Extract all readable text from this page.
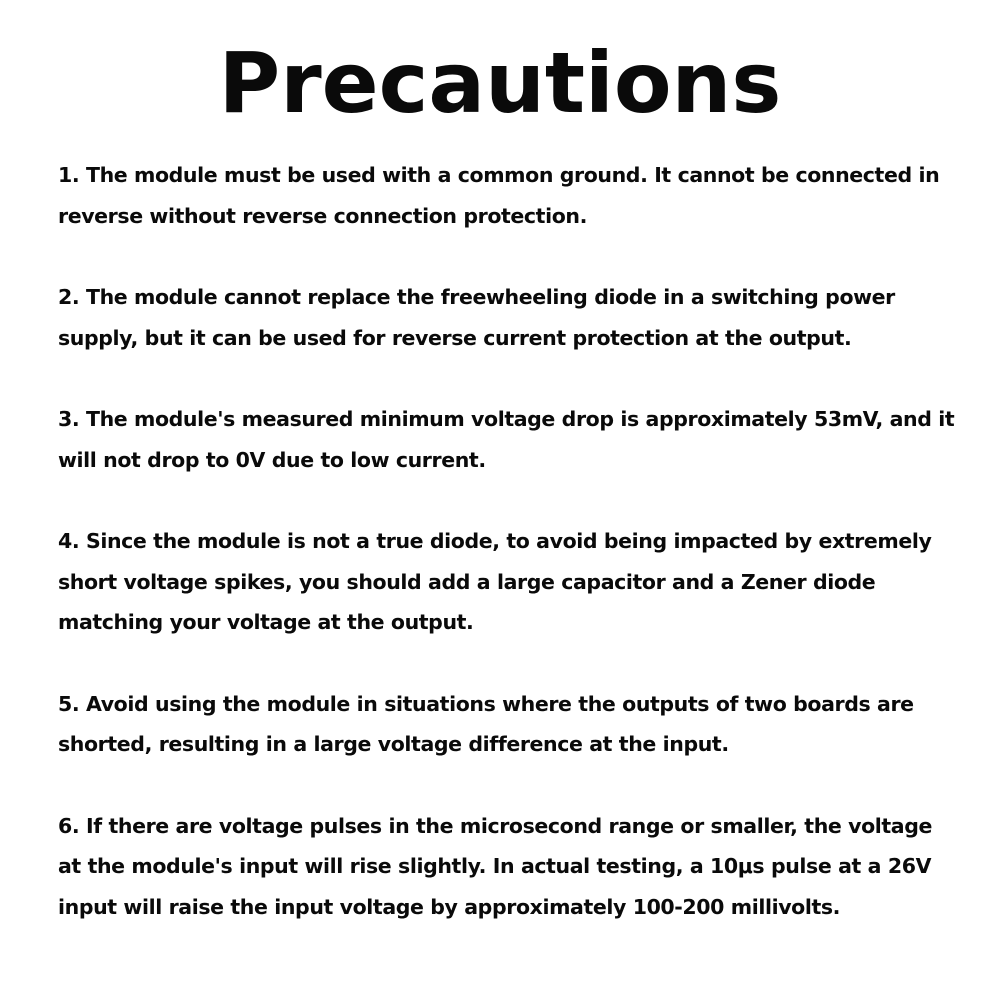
Precautions
1. The module must be used with a common ground. It cannot be connected in reverse without reverse connection protection.
2. The module cannot replace the freewheeling diode in a switching power supply, but it can be used for reverse current protection at the output.
3. The module's measured minimum voltage drop is approximately 53mV, and it will not drop to 0V due to low current.
4. Since the module is not a true diode, to avoid being impacted by extremely short voltage spikes, you should add a large capacitor and a Zener diode matching your voltage at the output.
5. Avoid using the module in situations where the outputs of two boards are shorted, resulting in a large voltage difference at the input.
6. If there are voltage pulses in the microsecond range or smaller, the voltage at the module's input will rise slightly. In actual testing, a 10μs pulse at a 26V input will raise the input voltage by approximately 100-200 millivolts.
